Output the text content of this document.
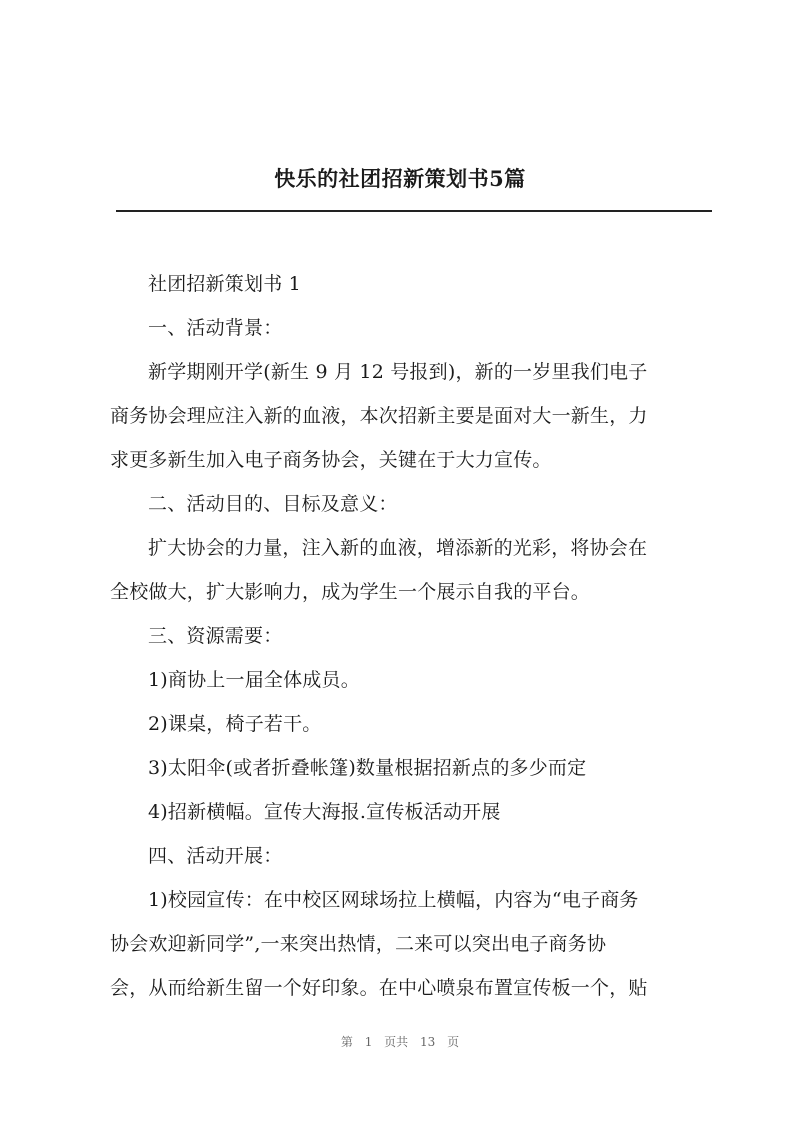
快乐的社团招新策划书5篇
社团招新策划书 1
一、活动背景：
新学期刚开学(新生 9 月 12 号报到)，新的一岁里我们电子
商务协会理应注入新的血液，本次招新主要是面对大一新生，力
求更多新生加入电子商务协会，关键在于大力宣传。
二、活动目的、目标及意义：
扩大协会的力量，注入新的血液，增添新的光彩，将协会在
全校做大，扩大影响力，成为学生一个展示自我的平台。
三、资源需要：
1)商协上一届全体成员。
2)课桌，椅子若干。
3)太阳伞(或者折叠帐篷)数量根据招新点的多少而定
4)招新横幅。宣传大海报.宣传板活动开展
四、活动开展：
1)校园宣传：在中校区网球场拉上横幅，内容为“电子商务
协会欢迎新同学”,一来突出热情，二来可以突出电子商务协
会，从而给新生留一个好印象。在中心喷泉布置宣传板一个，贴
第 1 页共 13 页
